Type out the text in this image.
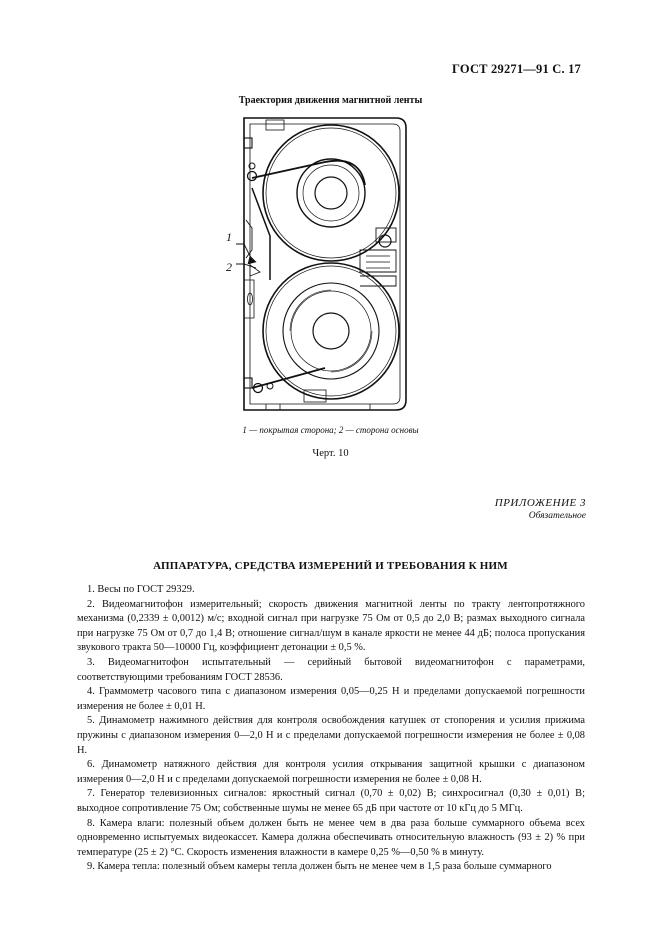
ГОСТ 29271—91 С. 17
Траектория движения магнитной ленты
1
2
1 — покрытая сторона; 2 — сторона основы
Черт. 10
ПРИЛОЖЕНИЕ 3
Обязательное
АППАРАТУРА, СРЕДСТВА ИЗМЕРЕНИЙ И ТРЕБОВАНИЯ К НИМ

1. Весы по ГОСТ 29329.

2. Видеомагнитофон измерительный; скорость движения магнитной ленты по тракту лентопротяжного механизма (0,2339 ± 0,0012) м/с; входной сигнал при нагрузке 75 Ом от 0,5 до 2,0 В; размах выходного сигнала при нагрузке 75 Ом от 0,7 до 1,4 В; отношение сигнал/шум в канале яркости не менее 44 дБ; полоса пропускания звукового тракта 50—10000 Гц, коэффициент детонации ± 0,5 %.

3. Видеомагнитофон испытательный — серийный бытовой видеомагнитофон с параметрами, соответствующими требованиям ГОСТ 28536.

4. Граммометр часового типа с диапазоном измерения 0,05—0,25 Н и пределами допускаемой погрешности измерения не более ± 0,01 Н.

5. Динамометр нажимного действия для контроля освобождения катушек от стопорения и усилия прижима пружины с диапазоном измерения 0—2,0 Н и с пределами допускаемой погрешности измерения не более ± 0,08 Н.

6. Динамометр натяжного действия для контроля усилия открывания защитной крышки с диапазоном измерения 0—2,0 Н и с пределами допускаемой погрешности измерения не более ± 0,08 Н.

7. Генератор телевизионных сигналов: яркостный сигнал (0,70 ± 0,02) В; синхросигнал (0,30 ± 0,01) В; выходное сопротивление 75 Ом; собственные шумы не менее 65 дБ при частоте от 10 кГц до 5 МГц.

8. Камера влаги: полезный объем должен быть не менее чем в два раза больше суммарного объема всех одновременно испытуемых видеокассет. Камера должна обеспечивать относительную влажность (93 ± 2) % при температуре (25 ± 2) °С. Скорость изменения влажности в камере 0,25 %—0,50 % в минуту.

9. Камера тепла: полезный объем камеры тепла должен быть не менее чем в 1,5 раза больше суммарного
